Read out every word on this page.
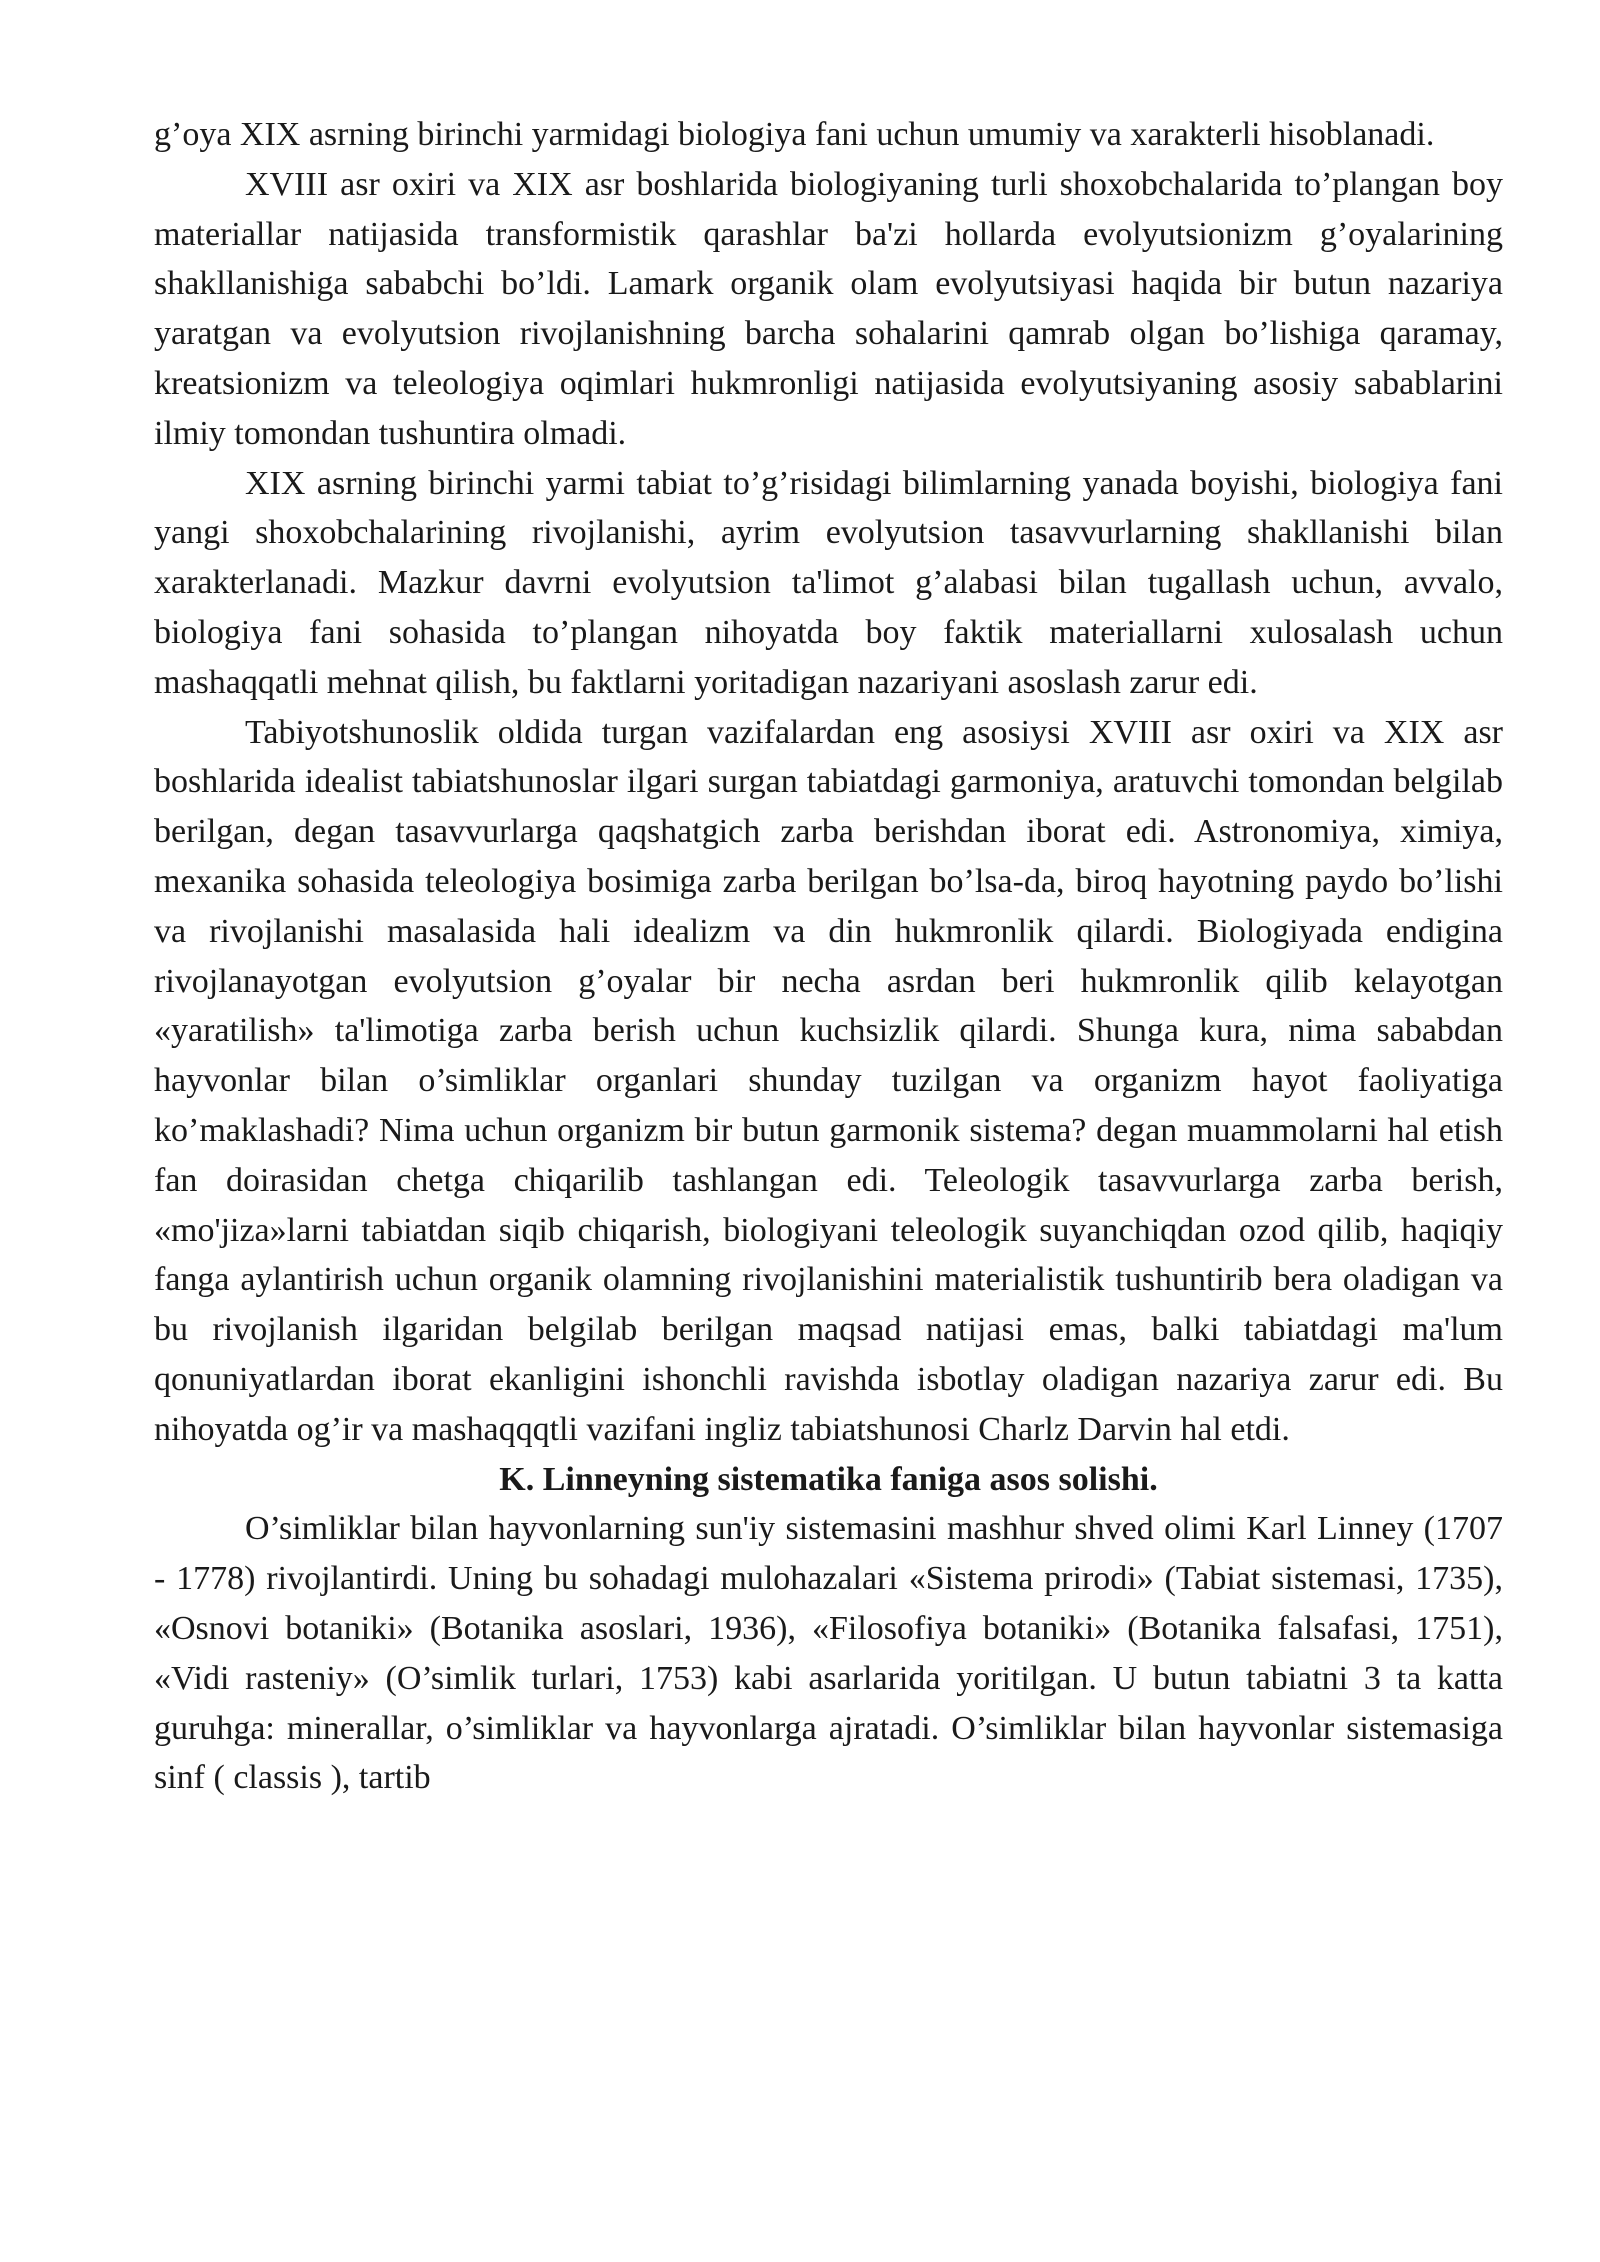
g’oya XIX asrning birinchi yarmidagi biologiya fani uchun umumiy va xarakterli hisoblanadi.

XVIII asr oxiri va XIX asr boshlarida biologiyaning turli shoxobchalarida to’plangan boy materiallar natijasida transformistik qarashlar ba'zi hollarda evolyutsionizm g’oyalarining shakllanishiga sababchi bo’ldi. Lamark organik olam evolyutsiyasi haqida bir butun nazariya yaratgan va evolyutsion rivojlanishning barcha sohalarini qamrab olgan bo’lishiga qaramay, kreatsionizm va teleologiya oqimlari hukmronligi natijasida evolyutsiyaning asosiy sabablarini ilmiy tomondan tushuntira olmadi.

XIX asrning birinchi yarmi tabiat to’g’risidagi bilimlarning yanada boyishi, biologiya fani yangi shoxobchalarining rivojlanishi, ayrim evolyutsion tasavvurlarning shakllanishi bilan xarakterlanadi. Mazkur davrni evolyutsion ta'limot g’alabasi bilan tugallash uchun, avvalo, biologiya fani sohasida to’plangan nihoyatda boy faktik materiallarni xulosalash uchun mashaqqatli mehnat qilish, bu faktlarni yoritadigan nazariyani asoslash zarur edi.

Tabiyotshunoslik oldida turgan vazifalardan eng asosiysi XVIII asr oxiri va XIX asr boshlarida idealist tabiatshunoslar ilgari surgan tabiatdagi garmoniya, aratuvchi tomondan belgilab berilgan, degan tasavvurlarga qaqshatgich zarba berishdan iborat edi. Astronomiya, ximiya, mexanika sohasida teleologiya bosimiga zarba berilgan bo’lsa-da, biroq hayotning paydo bo’lishi va rivojlanishi masalasida hali idealizm va din hukmronlik qilardi. Biologiyada endigina rivojlanayotgan evolyutsion g’oyalar bir necha asrdan beri hukmronlik qilib kelayotgan «yaratilish» ta'limotiga zarba berish uchun kuchsizlik qilardi. Shunga kura, nima sababdan hayvonlar bilan o’simliklar organlari shunday tuzilgan va organizm hayot faoliyatiga ko’maklashadi? Nima uchun organizm bir butun garmonik sistema? degan muammolarni hal etish fan doirasidan chetga chiqarilib tashlangan edi. Teleologik tasavvurlarga zarba berish, «mo'jiza»larni tabiatdan siqib chiqarish, biologiyani teleologik suyanchiqdan ozod qilib, haqiqiy fanga aylantirish uchun organik olamning rivojlanishini materialistik tushuntirib bera oladigan va bu rivojlanish ilgaridan belgilab berilgan maqsad natijasi emas, balki tabiatdagi ma'lum qonuniyatlardan iborat ekanligini ishonchli ravishda isbotlay oladigan nazariya zarur edi. Bu nihoyatda og’ir va mashaqqqtli vazifani ingliz tabiatshunosi Charlz Darvin hal etdi.

K. Linneyning sistematika faniga asos solishi.

O’simliklar bilan hayvonlarning sun'iy sistemasini mashhur shved olimi Karl Linney (1707 - 1778) rivojlantirdi. Uning bu sohadagi mulohazalari «Sistema prirodi» (Tabiat sistemasi, 1735), «Osnovi botaniki» (Botanika asoslari, 1936), «Filosofiya botaniki» (Botanika falsafasi, 1751), «Vidi rasteniy» (O’simlik turlari, 1753) kabi asarlarida yoritilgan. U butun tabiatni 3 ta katta guruhga: minerallar, o’simliklar va hayvonlarga ajratadi. O’simliklar bilan hayvonlar sistemasiga sinf ( classis ), tartib
